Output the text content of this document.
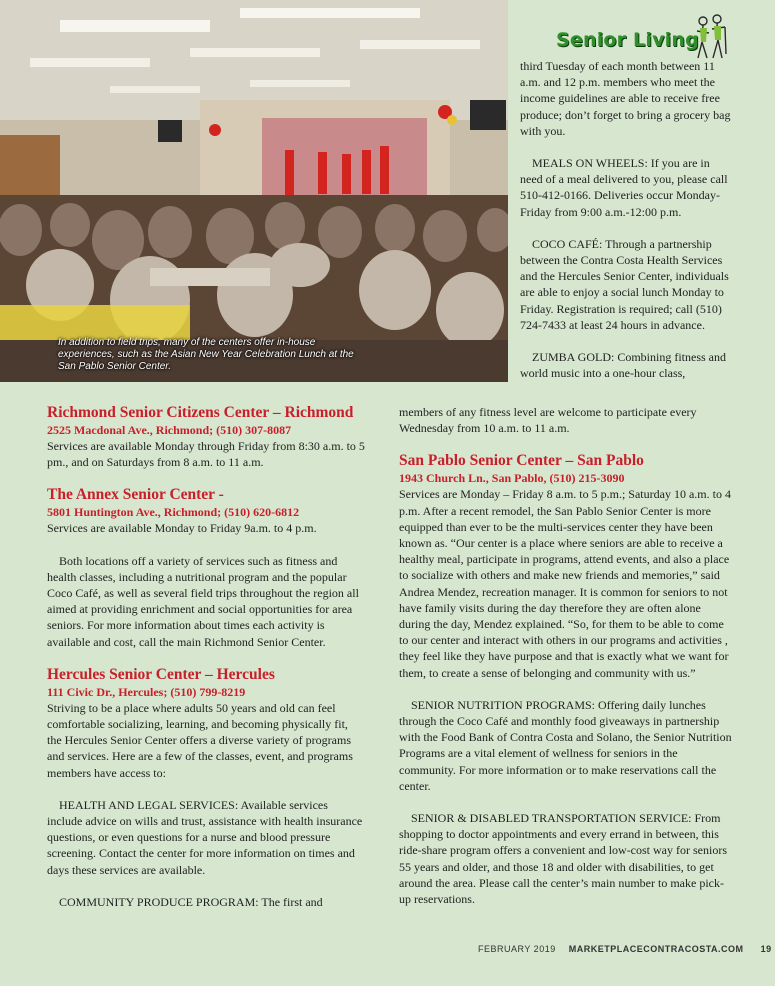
In addition to field trips, many of the centers offer in-house experiences, such as the Asian New Year Celebration Lunch at the San Pablo Senior Center.
Senior Living

Richmond Senior Citizens Center – Richmond

2525 Macdonal Ave., Richmond; (510) 307-8087

Services are available Monday through Friday from 8:30 a.m. to 5 pm., and on Saturdays from 8 a.m. to 11 a.m.

The Annex Senior Center -

5801 Huntington Ave., Richmond; (510) 620-6812

Services are available Monday to Friday 9a.m. to 4 p.m.

Both locations off a variety of services such as fitness and health classes, including a nutritional program and the popular Coco Café, as well as several field trips throughout the region all aimed at providing enrichment and social opportunities for area seniors. For more information about times each activity is available and cost, call the main Richmond Senior Center.

Hercules Senior Center – Hercules

111 Civic Dr., Hercules; (510) 799-8219

Striving to be a place where adults 50 years and old can feel comfortable socializing, learning, and becoming physically fit, the Hercules Senior Center offers a diverse variety of programs and services. Here are a few of the classes, event, and programs members have access to:

HEALTH AND LEGAL SERVICES: Available services include advice on wills and trust, assistance with health insurance questions, or even questions for a nurse and blood pressure screening. Contact the center for more information on times and days these services are available.

COMMUNITY PRODUCE PROGRAM: The first and

third Tuesday of each month between 11 a.m. and 12 p.m. members who meet the income guidelines are able to receive free produce; don’t forget to bring a grocery bag with you.

MEALS ON WHEELS: If you are in need of a meal delivered to you, please call 510-412-0166. Deliveries occur Monday-Friday from 9:00 a.m.-12:00 p.m.

COCO CAFÉ: Through a partnership between the Contra Costa Health Services and the Hercules Senior Center, individuals are able to enjoy a social lunch Monday to Friday. Registration is required; call (510) 724-7433 at least 24 hours in advance.

ZUMBA GOLD: Combining fitness and world music into a one-hour class,

members of any fitness level are welcome to participate every Wednesday from 10 a.m. to 11 a.m.

San Pablo Senior Center – San Pablo

1943 Church Ln., San Pablo, (510) 215-3090

Services are Monday – Friday 8 a.m. to 5 p.m.; Saturday 10 a.m. to 4 p.m. After a recent remodel, the San Pablo Senior Center is more equipped than ever to be the multi-services center they have been known as. “Our center is a place where seniors are able to receive a healthy meal, participate in programs, attend events, and also a place to socialize with others and make new friends and memories,” said Andrea Mendez, recreation manager. It is common for seniors to not have family visits during the day therefore they are often alone during the day, Mendez explained. “So, for them to be able to come to our center and interact with others in our programs and activities , they feel like they have purpose and that is exactly what we want for them, to create a sense of belonging and community with us.”

SENIOR NUTRITION PROGRAMS: Offering daily lunches through the Coco Café and monthly food giveaways in partnership with the Food Bank of Contra Costa and Solano, the Senior Nutrition Programs are a vital element of wellness for seniors in the community. For more information or to make reservations call the center.

SENIOR & DISABLED TRANSPORTATION SERVICE: From shopping to doctor appointments and every errand in between, this ride-share program offers a convenient and low-cost way for seniors 55 years and older, and those 18 and older with disabilities, to get around the area. Please call the center’s main number to make pick-up reservations.

FEBRUARY 2019 MARKETPLACECONTRACOSTA.COM 19
